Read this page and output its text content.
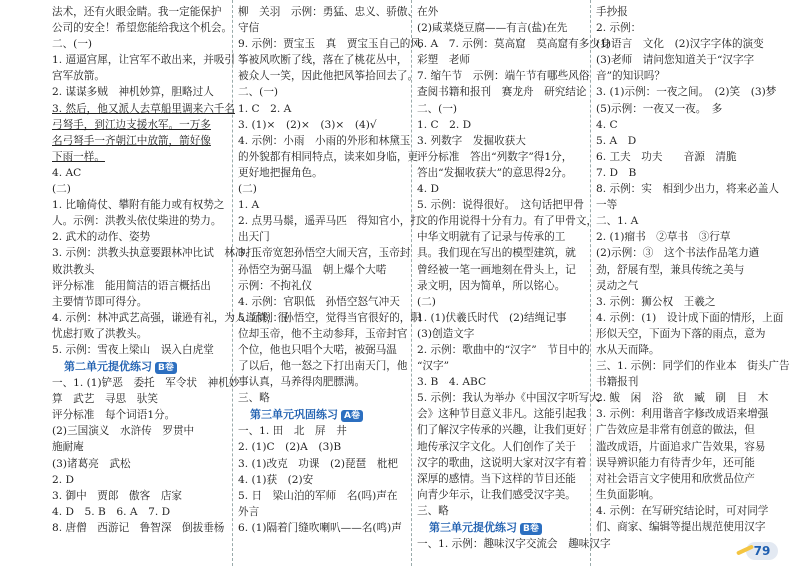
法术，还有火眼金睛。我一定能保护
公司的安全！希望您能给我这个机会。
二、(一)
1. 逼逼宫犀，让宫军不敢出来，并吸引
宫军放箭。
2. 谋谋多贼　神机妙算，胆略过人
3. 然后，他又派人去草船里调来六千名
弓弩手，到江边支援水军。一万多
名弓弩手一齐朝江中放箭，箭好像
下雨一样。
4. AC
(二)
1. 比喻倚仗、攀附有能力或有权势之
人。示例：洪教头依仗柴进的势力。
2. 武术的动作、姿势
3. 示例：洪教头执意要跟林冲比试　林冲打
败洪教头
评分标准　能用简洁的语言概括出
主要情节即可得分。
4. 示例：林冲武艺高强，谦逊有礼，为人谨慎，很
忧虑打败了洪教头。
5. 示例：雪夜上梁山　误入白虎堂
第二单元提优练习 B卷
一、1. (1)铲恶　委托　军令状　神机妙
算　武艺　寻思　驮笑
评分标准　每个词语1分。
(2)三国演义　水浒传　罗贯中
施耐庵
(3)诸葛亮　武松
2. D
3. 御中　贾郎　傲客　店家
4. D　5. B　6. A　7. D
8. 唐僧　西游记　鲁智深　倒拔垂杨
柳　关羽　示例：勇猛、忠义、骄傲、
守信
9. 示例：贾宝玉　真　贾宝玉自己的风
筝被风吹断了线，落在了桃花丛中，
被众人一笑，因此他把风筝拾回去了。
二、(一)
1. C　2. A
3. (1)×　(2)×　(3)×　(4)√
4. 示例：小雨　小雨的外形和林黛玉
的外貌都有相同特点，读来如身临，更
更好地把握角色。
(二)
1. A
2. 点男马鬃，遥弄马匹　得知官小，打
出天门
3. 玉帝宽恕孙悟空大闹天宫，玉帝封
孙悟空为弼马温　朝上爆个大喏
示例：不拘礼仪
4. 示例：官职低　孙悟空怒气冲天
5. 示例：孙悟空，觉得当官很好的，职
位却玉帝，他不主动参拜，玉帝封官
个位，他也只唱个大喏，被弼马温
了以后，他一怒之下打出南天门，他
事认真，马养得肉肥膘满。
三、略
第三单元巩固练习 A卷
一、1. 田　北　屏　井
2. (1)C　(2)A　(3)B
3. (1)改克　功课　(2)琵琶　枇杷
4. (1)获　(2)安
5. 日　梁山泊的军师　名(吗)声在
外言
6. (1)隔着门缝吹喇叭——名(鸣)声
在外
(2)咸菜烧豆腐——有言(盐)在先
6. A　7. 示例：莫高窟　莫高窟有多少身
彩塑　老师
7. 缩午节　示例：端午节有哪些风俗
查阅书籍和报刊　赛龙舟　研究结论
二、(一)
1. C　2. D
3. 列数字　发掘收获大
评分标准　答出“列数字”得1分，
答出“发掘收获大”的意思得2分。
4. D
5. 示例：说得很好。　这句话把甲骨
文的作用说得十分有力。有了甲骨文，
中华文明就有了记录与传承的工
具。我们现在写出的模型建筑，就
曾经被一笔一画地刻在骨头上，记
录文明，因为简单，所以铭心。
(二)
1. (1)伏羲氏时代　(2)结绳记事
(3)创造文字
2. 示例：歌曲中的“汉字”　节目中的
“汉字”
3. B　4. ABC
5. 示例：我认为举办《中国汉字听写大
会》这种节目意义非凡。这能引起我
们了解汉字传承的兴趣，让我们更好
地传承汉字文化。人们创作了关于
汉字的歌曲，这说明大家对汉字有着
深厚的感情。当下这样的节目还能
向青少年示，让我们感受汉字美。
三、略
第三单元提优练习 B卷
一、1. 示例：趣味汉字交流会　趣味汉字
手抄报
2. 示例：
(1)语言　文化　(2)汉字字体的演变
(3)老师　请问您知道关于“汉字字
音”的知识吗？
3. (1)示例：一夜之间。　(2)笑　(3)梦
(5)示例：一夜又一夜。　多
4. C
5. A　D
6. 工夫　功夫　　音源　清脆
7. D　B
8. 示例：实　相到少出力，将来必盖人
一等
二、1. A
2. (1)瘤书　②草书　③行草
(2)示例：③　这个书法作品笔力遒
劲，舒展有型，兼具传统之美与
灵动之气
3. 示例：狮公权　王羲之
4. 示例：(1)　设计成下面的情形，上面
形似天空，下面为下落的雨点，意为
水从天而降。
三、1. 示例：同学们的作业本　街头广告
书籍报刊
2. 鲅　闲　浴　欲　臧　刷　目　木
3. 示例：利用谐音字修改成语来增强
广告效应是非常有创意的做法，但
滥改成语，片面追求广告效果，容易
误导辨识能力有待青少年，还可能
对社会语言文字使用和欣赏品位产
生负面影响。
4. 示例：在写研究结论时，可对同学
们、商家、编辑等提出规范使用汉字
79
